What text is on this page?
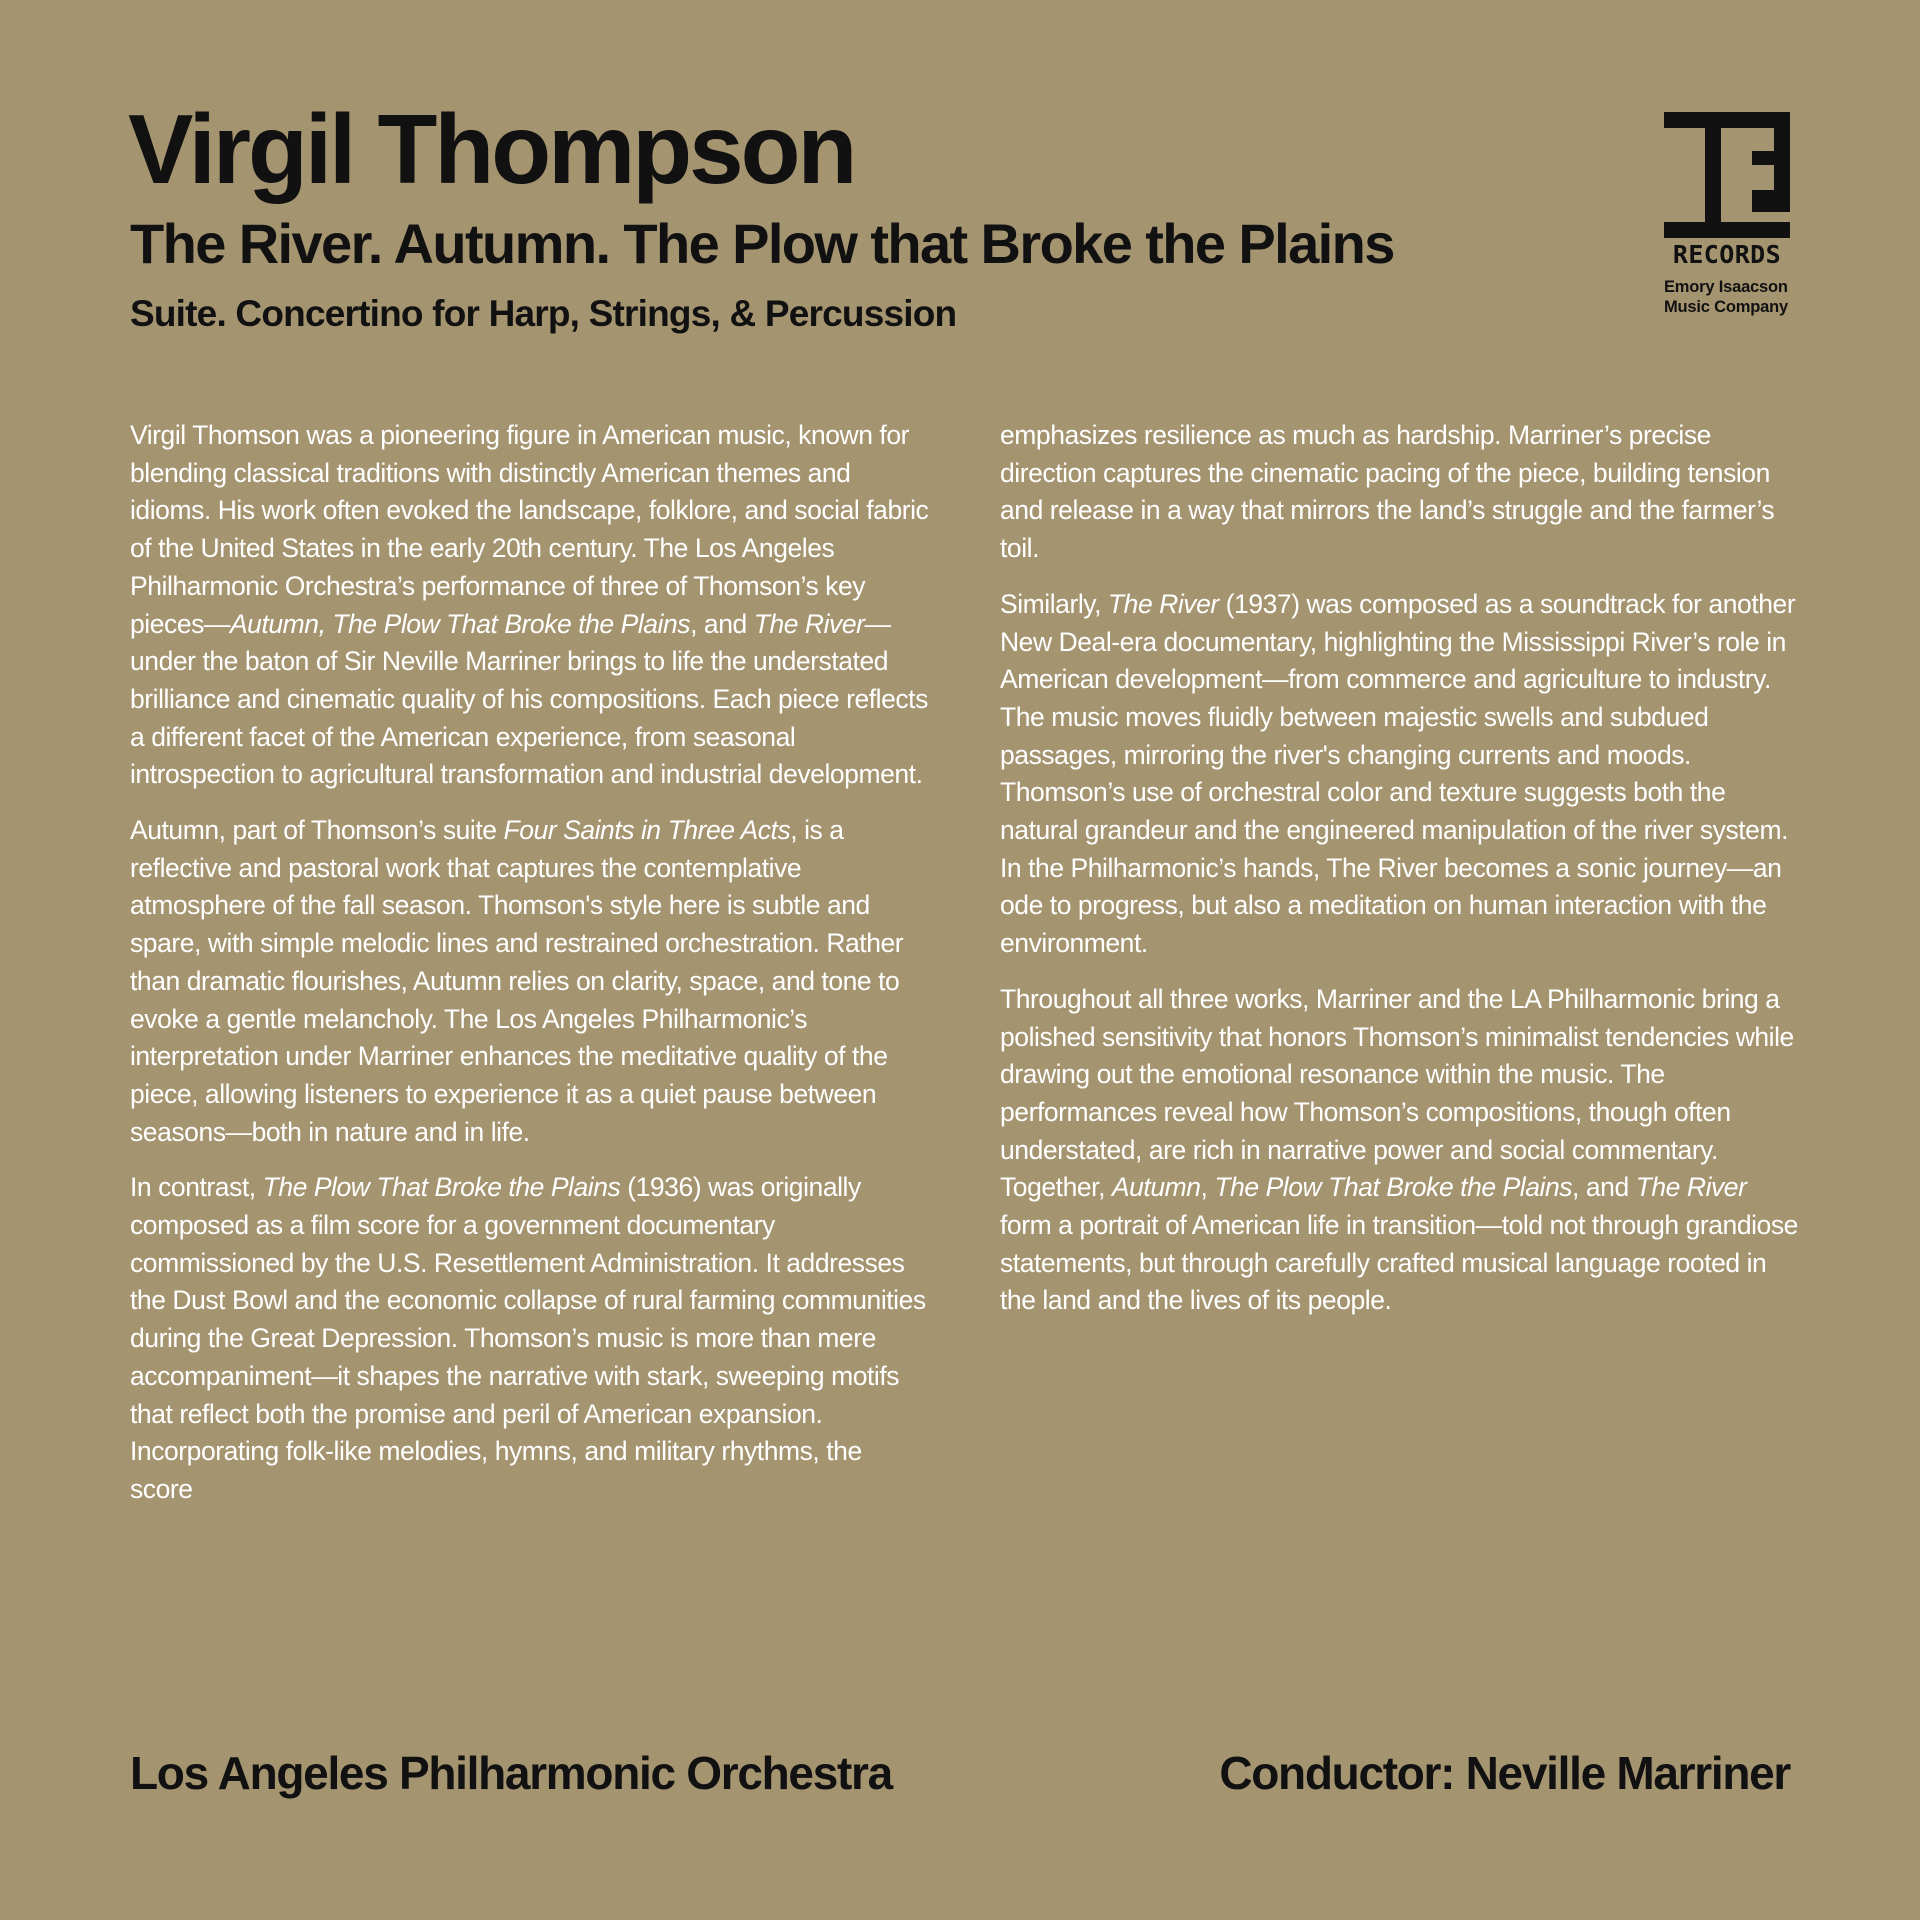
Virgil Thompson
The River. Autumn. The Plow that Broke the Plains
Suite. Concertino for Harp, Strings, & Percussion
RECORDS
Emory Isaacson
Music Company

Virgil Thomson was a pioneering figure in American music, known for blending classical traditions with distinctly American themes and idioms. His work often evoked the landscape, folklore, and social fabric of the United States in the early 20th century. The Los Angeles Philharmonic Orchestra’s performance of three of Thomson’s key pieces—Autumn, The Plow That Broke the Plains, and The River—under the baton of Sir Neville Marriner brings to life the understated brilliance and cinematic quality of his compositions. Each piece reflects a different facet of the American experience, from seasonal introspection to agricultural transformation and industrial development.

Autumn, part of Thomson’s suite Four Saints in Three Acts, is a reflective and pastoral work that captures the contemplative atmosphere of the fall season. Thomson's style here is subtle and spare, with simple melodic lines and restrained orchestration. Rather than dramatic flourishes, Autumn relies on clarity, space, and tone to evoke a gentle melancholy. The Los Angeles Philharmonic’s interpretation under Marriner enhances the meditative quality of the piece, allowing listeners to experience it as a quiet pause between seasons—both in nature and in life.

In contrast, The Plow That Broke the Plains (1936) was originally composed as a film score for a government documentary commissioned by the U.S. Resettlement Administration. It addresses the Dust Bowl and the economic collapse of rural farming communities during the Great Depression. Thomson’s music is more than mere accompaniment—it shapes the narrative with stark, sweeping motifs that reflect both the promise and peril of American expansion. Incorporating folk-like melodies, hymns, and military rhythms, the score

emphasizes resilience as much as hardship. Marriner’s precise direction captures the cinematic pacing of the piece, building tension and release in a way that mirrors the land’s struggle and the farmer’s toil.

Similarly, The River (1937) was composed as a soundtrack for another New Deal-era documentary, highlighting the Mississippi River’s role in American development—from commerce and agriculture to industry. The music moves fluidly between majestic swells and subdued passages, mirroring the river's changing currents and moods. Thomson’s use of orchestral color and texture suggests both the natural grandeur and the engineered manipulation of the river system. In the Philharmonic’s hands, The River becomes a sonic journey—an ode to progress, but also a meditation on human interaction with the environment.

Throughout all three works, Marriner and the LA Philharmonic bring a polished sensitivity that honors Thomson’s minimalist tendencies while drawing out the emotional resonance within the music. The performances reveal how Thomson’s compositions, though often understated, are rich in narrative power and social commentary. Together, Autumn, The Plow That Broke the Plains, and The River form a portrait of American life in transition—told not through grandiose statements, but through carefully crafted musical language rooted in the land and the lives of its people.

Los Angeles Philharmonic Orchestra	Conductor: Neville Marriner
